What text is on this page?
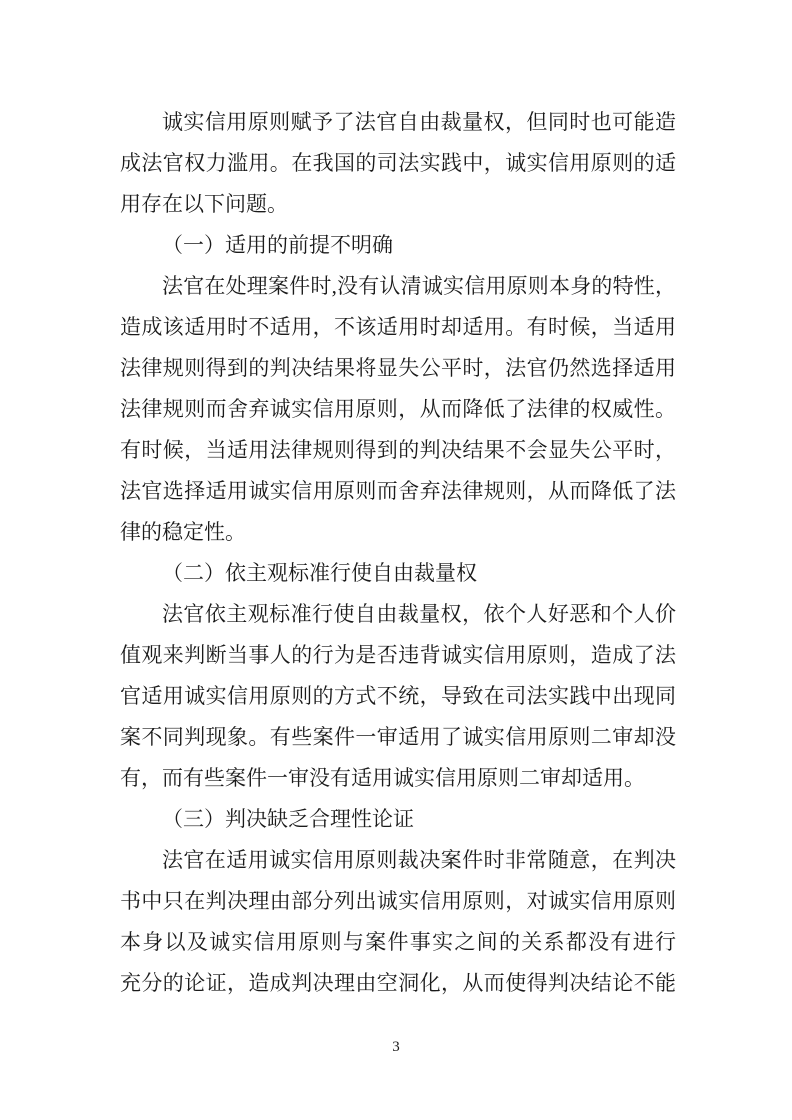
诚实信用原则赋予了法官自由裁量权，但同时也可能造
成法官权力滥用。在我国的司法实践中，诚实信用原则的适
用存在以下问题。
（一）适用的前提不明确
法官在处理案件时,没有认清诚实信用原则本身的特性，
造成该适用时不适用，不该适用时却适用。有时候，当适用
法律规则得到的判决结果将显失公平时，法官仍然选择适用
法律规则而舍弃诚实信用原则，从而降低了法律的权威性。
有时候，当适用法律规则得到的判决结果不会显失公平时，
法官选择适用诚实信用原则而舍弃法律规则，从而降低了法
律的稳定性。
（二）依主观标准行使自由裁量权
法官依主观标准行使自由裁量权，依个人好恶和个人价
值观来判断当事人的行为是否违背诚实信用原则，造成了法
官适用诚实信用原则的方式不统，导致在司法实践中出现同
案不同判现象。有些案件一审适用了诚实信用原则二审却没
有，而有些案件一审没有适用诚实信用原则二审却适用。
（三）判决缺乏合理性论证
法官在适用诚实信用原则裁决案件时非常随意，在判决
书中只在判决理由部分列出诚实信用原则，对诚实信用原则
本身以及诚实信用原则与案件事实之间的关系都没有进行
充分的论证，造成判决理由空洞化，从而使得判决结论不能
3
